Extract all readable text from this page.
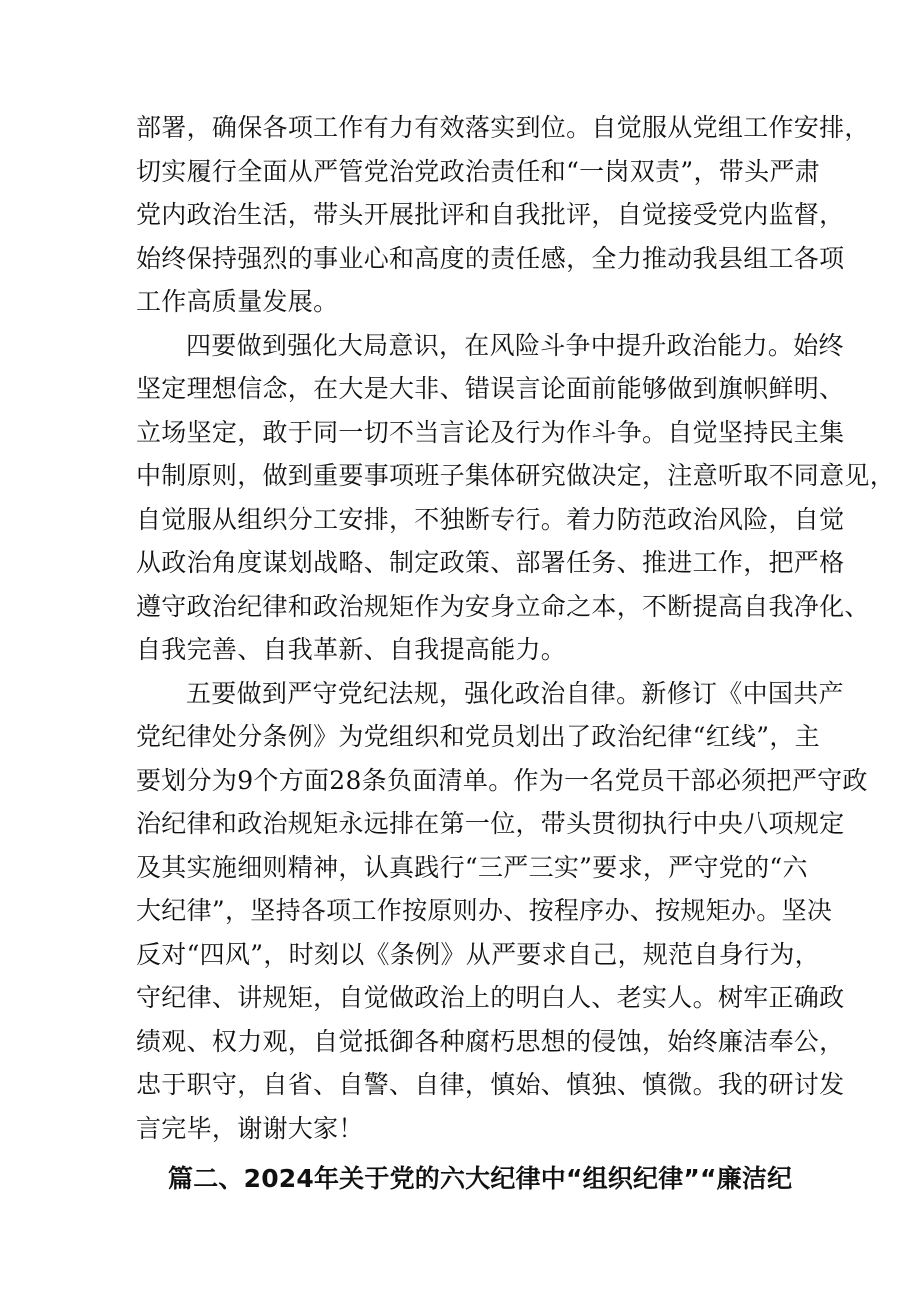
部署，确保各项工作有力有效落实到位。自觉服从党组工作安排，
切实履行全面从严管党治党政治责任和“一岗双责”，带头严肃
党内政治生活，带头开展批评和自我批评，自觉接受党内监督，
始终保持强烈的事业心和高度的责任感，全力推动我县组工各项
工作高质量发展。
四要做到强化大局意识，在风险斗争中提升政治能力。始终
坚定理想信念，在大是大非、错误言论面前能够做到旗帜鲜明、
立场坚定，敢于同一切不当言论及行为作斗争。自觉坚持民主集
中制原则，做到重要事项班子集体研究做决定，注意听取不同意见，
自觉服从组织分工安排，不独断专行。着力防范政治风险，自觉
从政治角度谋划战略、制定政策、部署任务、推进工作，把严格
遵守政治纪律和政治规矩作为安身立命之本，不断提高自我净化、
自我完善、自我革新、自我提高能力。
五要做到严守党纪法规，强化政治自律。新修订《中国共产
党纪律处分条例》为党组织和党员划出了政治纪律“红线”，主
要划分为9个方面28条负面清单。作为一名党员干部必须把严守政
治纪律和政治规矩永远排在第一位，带头贯彻执行中央八项规定
及其实施细则精神，认真践行“三严三实”要求，严守党的“六
大纪律”，坚持各项工作按原则办、按程序办、按规矩办。坚决
反对“四风”，时刻以《条例》从严要求自己，规范自身行为，
守纪律、讲规矩，自觉做政治上的明白人、老实人。树牢正确政
绩观、权力观，自觉抵御各种腐朽思想的侵蚀，始终廉洁奉公，
忠于职守，自省、自警、自律，慎始、慎独、慎微。我的研讨发
言完毕，谢谢大家！
篇二、2024年关于党的六大纪律中“组织纪律”“廉洁纪
